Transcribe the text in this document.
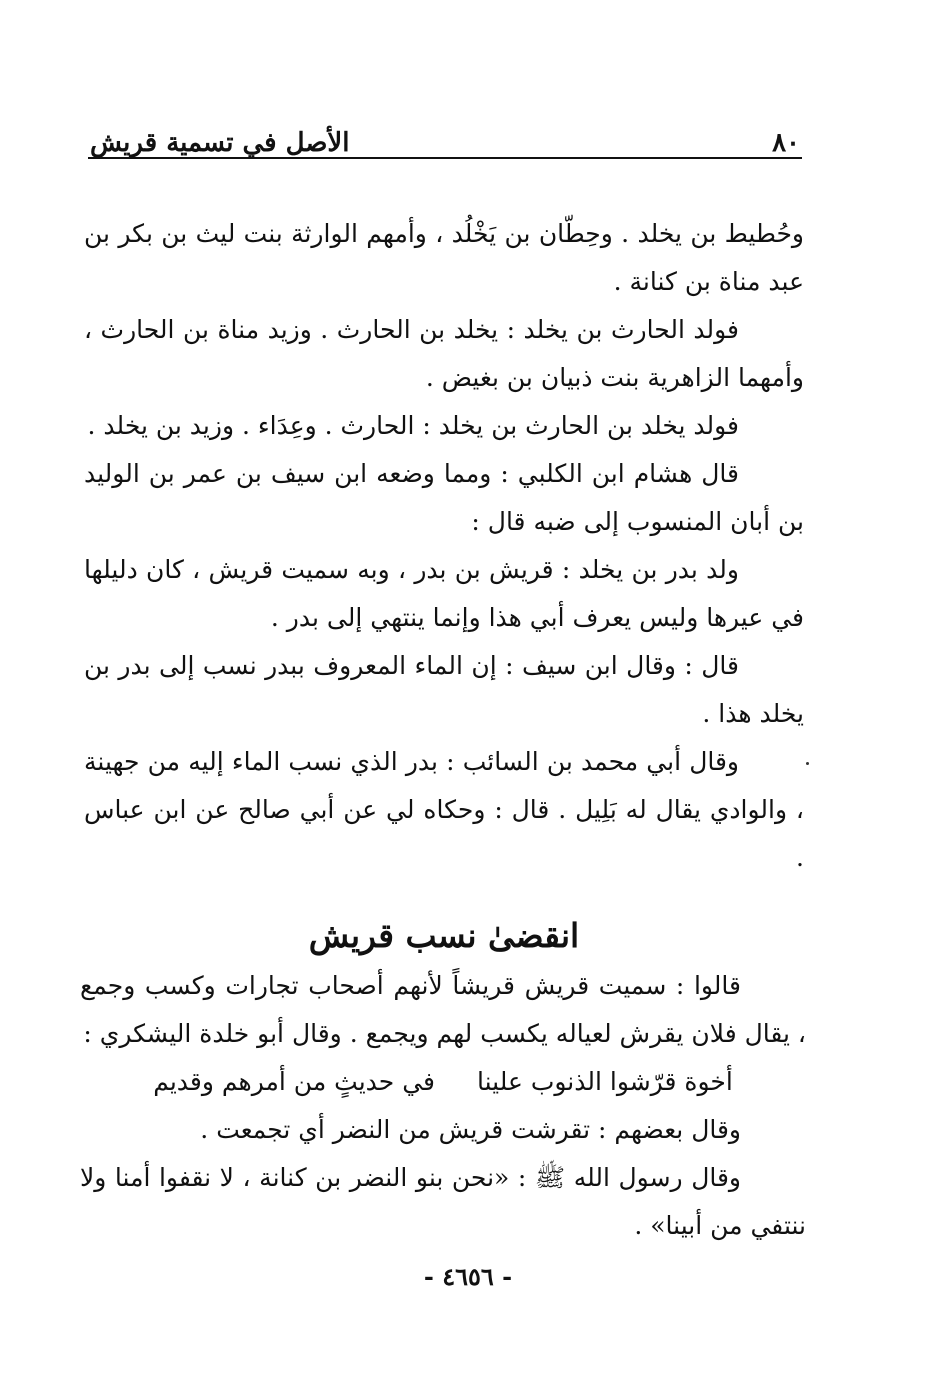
٨٠
الأصل في تسمية قريش

وحُطيط بن يخلد . وحِطّان بن يَخْلُد ، وأمهم الوارثة بنت ليث بن بكر بن عبد مناة بن كنانة .

فولد الحارث بن يخلد : يخلد بن الحارث . وزيد مناة بن الحارث ، وأمهما الزاهرية بنت ذبيان بن بغيض .

فولد يخلد بن الحارث بن يخلد : الحارث . وعِدَاء . وزيد بن يخلد .

قال هشام ابن الكلبي : ومما وضعه ابن سيف بن عمر بن الوليد بن أبان المنسوب إلى ضبه قال :

ولد بدر بن يخلد : قريش بن بدر ، وبه سميت قريش ، كان دليلها في عيرها وليس يعرف أبي هذا وإنما ينتهي إلى بدر .

قال : وقال ابن سيف : إن الماء المعروف ببدر نسب إلى بدر بن يخلد هذا .

وقال أبي محمد بن السائب : بدر الذي نسب الماء إليه من جهينة ، والوادي يقال له بَلِيل . قال : وحكاه لي عن أبي صالح عن ابن عباس .

انقضىٰ نسب قريش

قالوا : سميت قريش قريشاً لأنهم أصحاب تجارات وكسب وجمع ، يقال فلان يقرش لعياله يكسب لهم ويجمع . وقال أبو خلدة اليشكري :

أخوة قرّشوا الذنوب علينا
في حديثٍ من أمرهم وقديم

وقال بعضهم : تقرشت قريش من النضر أي تجمعت .

وقال رسول الله ﷺ : «نحن بنو النضر بن كنانة ، لا نقفوا أمنا ولا ننتفي من أبينا» .

- ٤٦٥٦ -
